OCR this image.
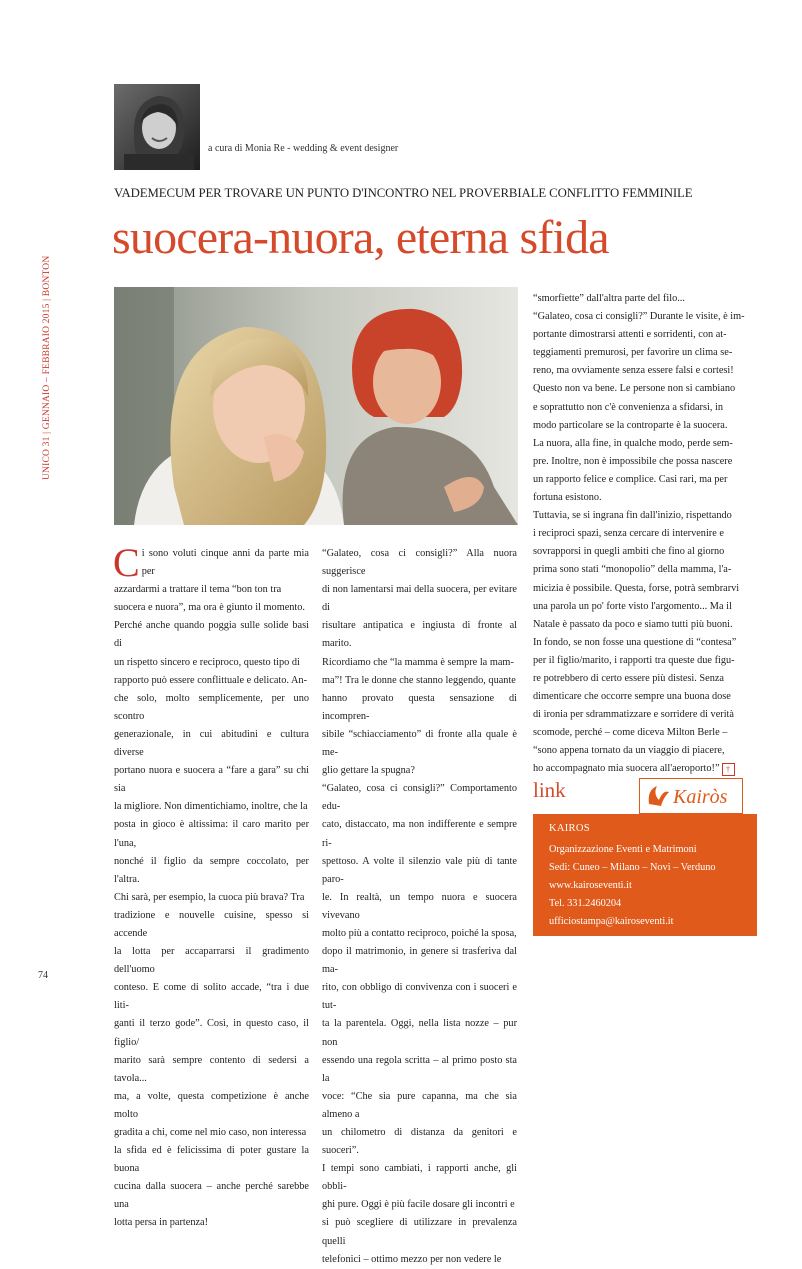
a cura di Monia Re - wedding & event designer
UNICO 31 | GENNAIO – FEBBRAIO 2015 | BONTON
VADEMECUM PER TROVARE UN PUNTO D'INCONTRO NEL PROVERBIALE CONFLITTO FEMMINILE
suocera-nuora, eterna sfida
C i sono voluti cinque anni da parte mia per

azzardarmi a trattare il tema “bon ton tra

suocera e nuora”, ma ora è giunto il momento.

Perché anche quando poggia sulle solide basi di

un rispetto sincero e reciproco, questo tipo di

rapporto può essere conflittuale e delicato. An-

che solo, molto semplicemente, per uno scontro

generazionale, in cui abitudini e cultura diverse

portano nuora e suocera a “fare a gara” su chi sia

la migliore. Non dimentichiamo, inoltre, che la

posta in gioco è altissima: il caro marito per l'una,

nonché il figlio da sempre coccolato, per l'altra.

Chi sarà, per esempio, la cuoca più brava? Tra

tradizione e nouvelle cuisine, spesso si accende

la lotta per accaparrarsi il gradimento dell'uomo

conteso. E come di solito accade, “tra i due liti-

ganti il terzo gode”. Così, in questo caso, il figlio/

marito sarà sempre contento di sedersi a tavola...

ma, a volte, questa competizione è anche molto

gradita a chi, come nel mio caso, non interessa

la sfida ed è felicissima di poter gustare la buona

cucina dalla suocera – anche perché sarebbe una

lotta persa in partenza!

“Galateo, cosa ci consigli?” Alla nuora suggerisce

di non lamentarsi mai della suocera, per evitare di

risultare antipatica e ingiusta di fronte al marito.

Ricordiamo che “la mamma è sempre la mam-

ma”! Tra le donne che stanno leggendo, quante

hanno provato questa sensazione di incompren-

sibile “schiacciamento” di fronte alla quale è me-

glio gettare la spugna?

“Galateo, cosa ci consigli?” Comportamento edu-

cato, distaccato, ma non indifferente e sempre ri-

spettoso. A volte il silenzio vale più di tante paro-

le. In realtà, un tempo nuora e suocera vivevano

molto più a contatto reciproco, poiché la sposa,

dopo il matrimonio, in genere si trasferiva dal ma-

rito, con obbligo di convivenza con i suoceri e tut-

ta la parentela. Oggi, nella lista nozze – pur non

essendo una regola scritta – al primo posto sta la

voce: “Che sia pure capanna, ma che sia almeno a

un chilometro di distanza da genitori e suoceri”.

I tempi sono cambiati, i rapporti anche, gli obbli-

ghi pure. Oggi è più facile dosare gli incontri e

si può scegliere di utilizzare in prevalenza quelli

telefonici – ottimo mezzo per non vedere le

“smorfiette” dall'altra parte del filo...

“Galateo, cosa ci consigli?” Durante le visite, è im-

portante dimostrarsi attenti e sorridenti, con at-

teggiamenti premurosi, per favorire un clima se-

reno, ma ovviamente senza essere falsi e cortesi!

Questo non va bene. Le persone non si cambiano

e soprattutto non c'è convenienza a sfidarsi, in

modo particolare se la controparte è la suocera.

La nuora, alla fine, in qualche modo, perde sem-

pre. Inoltre, non è impossibile che possa nascere

un rapporto felice e complice. Casi rari, ma per

fortuna esistono.

Tuttavia, se si ingrana fin dall'inizio, rispettando

i reciproci spazi, senza cercare di intervenire e

sovrapporsi in quegli ambiti che fino al giorno

prima sono stati “monopolio” della mamma, l'a-

micizia è possibile. Questa, forse, potrà sembrarvi

una parola un po' forte visto l'argomento... Ma il

Natale è passato da poco e siamo tutti più buoni.

In fondo, se non fosse una questione di “contesa”

per il figlio/marito, i rapporti tra queste due figu-

re potrebbero di certo essere più distesi. Senza

dimenticare che occorre sempre una buona dose

di ironia per sdrammatizzare e sorridere di verità

scomode, perché – come diceva Milton Berle –

“sono appena tornato da un viaggio di piacere,

ho accompagnato mia suocera all'aeroporto!” †

link	Kairòs
KAIROS
Organizzazione Eventi e Matrimoni
Sedi: Cuneo – Milano – Novi – Verduno
www.kairoseventi.it
Tel. 331.2460204
ufficiostampa@kairoseventi.it
74
